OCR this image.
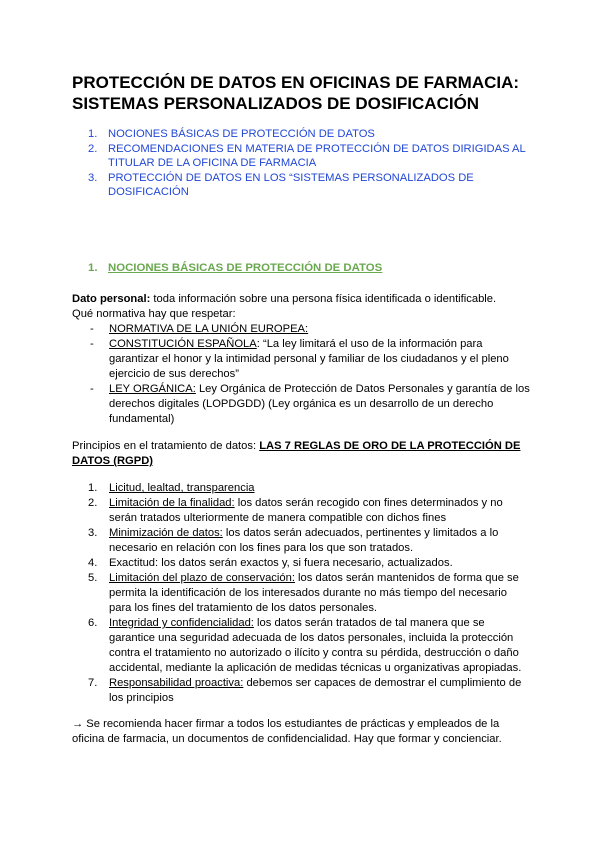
PROTECCIÓN DE DATOS EN OFICINAS DE FARMACIA:
SISTEMAS PERSONALIZADOS DE DOSIFICACIÓN
1. NOCIONES BÁSICAS DE PROTECCIÓN DE DATOS
2. RECOMENDACIONES EN MATERIA DE PROTECCIÓN DE DATOS DIRIGIDAS AL TITULAR DE LA OFICINA DE FARMACIA
3. PROTECCIÓN DE DATOS EN LOS “SISTEMAS PERSONALIZADOS DE DOSIFICACIÓN
1. NOCIONES BÁSICAS DE PROTECCIÓN DE DATOS

Dato personal: toda información sobre una persona física identificada o identificable.

Qué normativa hay que respetar:

- NORMATIVA DE LA UNIÓN EUROPEA:
- CONSTITUCIÓN ESPAÑOLA: “La ley limitará el uso de la información para garantizar el honor y la intimidad personal y familiar de los ciudadanos y el pleno ejercicio de sus derechos”
- LEY ORGÁNICA: Ley Orgánica de Protección de Datos Personales y garantía de los derechos digitales (LOPDGDD) (Ley orgánica es un desarrollo de un derecho fundamental)
Principios en el tratamiento de datos: LAS 7 REGLAS DE ORO DE LA PROTECCIÓN DE DATOS (RGPD)
1. Licitud, lealtad, transparencia
2. Limitación de la finalidad: los datos serán recogido con fines determinados y no serán tratados ulteriormente de manera compatible con dichos fines
3. Minimización de datos: los datos serán adecuados, pertinentes y limitados a lo necesario en relación con los fines para los que son tratados.
4. Exactitud: los datos serán exactos y, si fuera necesario, actualizados.
5. Limitación del plazo de conservación: los datos serán mantenidos de forma que se permita la identificación de los interesados durante no más tiempo del necesario para los fines del tratamiento de los datos personales.
6. Integridad y confidencialidad: los datos serán tratados de tal manera que se garantice una seguridad adecuada de los datos personales, incluida la protección contra el tratamiento no autorizado o ilícito y contra su pérdida, destrucción o daño accidental, mediante la aplicación de medidas técnicas u organizativas apropiadas.
7. Responsabilidad proactiva: debemos ser capaces de demostrar el cumplimiento de los principios

→ Se recomienda hacer firmar a todos los estudiantes de prácticas y empleados de la oficina de farmacia, un documentos de confidencialidad. Hay que formar y concienciar.
